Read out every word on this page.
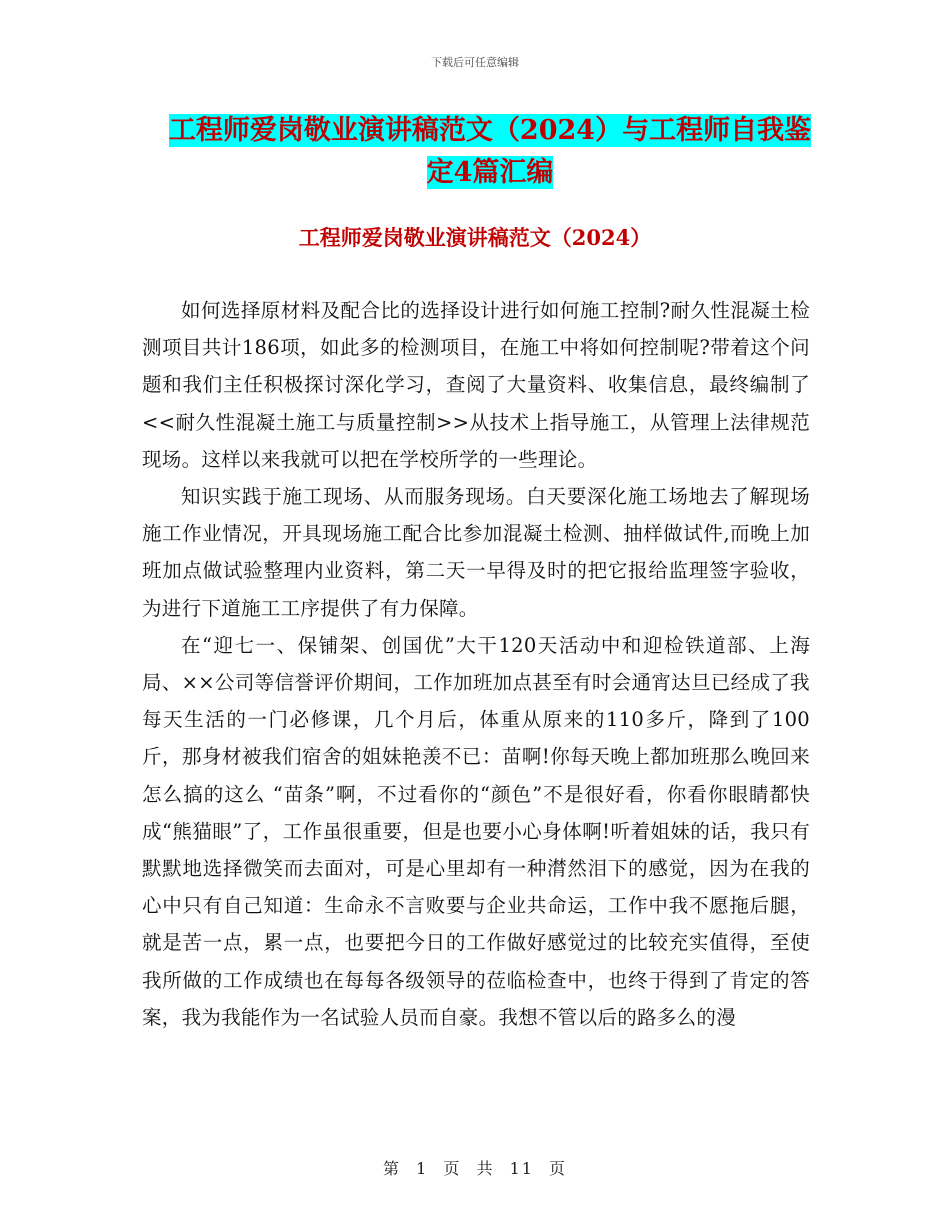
下载后可任意编辑
工程师爱岗敬业演讲稿范文（2024）与工程师自我鉴
定4篇汇编
工程师爱岗敬业演讲稿范文（2024）

如何选择原材料及配合比的选择设计进行如何施工控制?耐久性混凝土检测项目共计186项，如此多的检测项目，在施工中将如何控制呢?带着这个问题和我们主任积极探讨深化学习，查阅了大量资料、收集信息，最终编制了<<耐久性混凝土施工与质量控制>>从技术上指导施工，从管理上法律规范现场。这样以来我就可以把在学校所学的一些理论。

知识实践于施工现场、从而服务现场。白天要深化施工场地去了解现场施工作业情况，开具现场施工配合比参加混凝土检测、抽样做试件,而晚上加班加点做试验整理内业资料，第二天一早得及时的把它报给监理签字验收，为进行下道施工工序提供了有力保障。

在“迎七一、保铺架、创国优”大干120天活动中和迎检铁道部、上海局、××公司等信誉评价期间，工作加班加点甚至有时会通宵达旦已经成了我每天生活的一门必修课，几个月后，体重从原来的110多斤，降到了100斤，那身材被我们宿舍的姐妹艳羡不已：苗啊!你每天晚上都加班那么晚回来怎么搞的这么 “苗条”啊，不过看你的“颜色”不是很好看，你看你眼睛都快成“熊猫眼”了，工作虽很重要，但是也要小心身体啊!听着姐妹的话，我只有默默地选择微笑而去面对，可是心里却有一种潸然泪下的感觉，因为在我的心中只有自己知道：生命永不言败要与企业共命运，工作中我不愿拖后腿，就是苦一点，累一点，也要把今日的工作做好感觉过的比较充实值得，至使我所做的工作成绩也在每每各级领导的莅临检查中，也终于得到了肯定的答案，我为我能作为一名试验人员而自豪。我想不管以后的路多么的漫

第 1 页 共 11 页
